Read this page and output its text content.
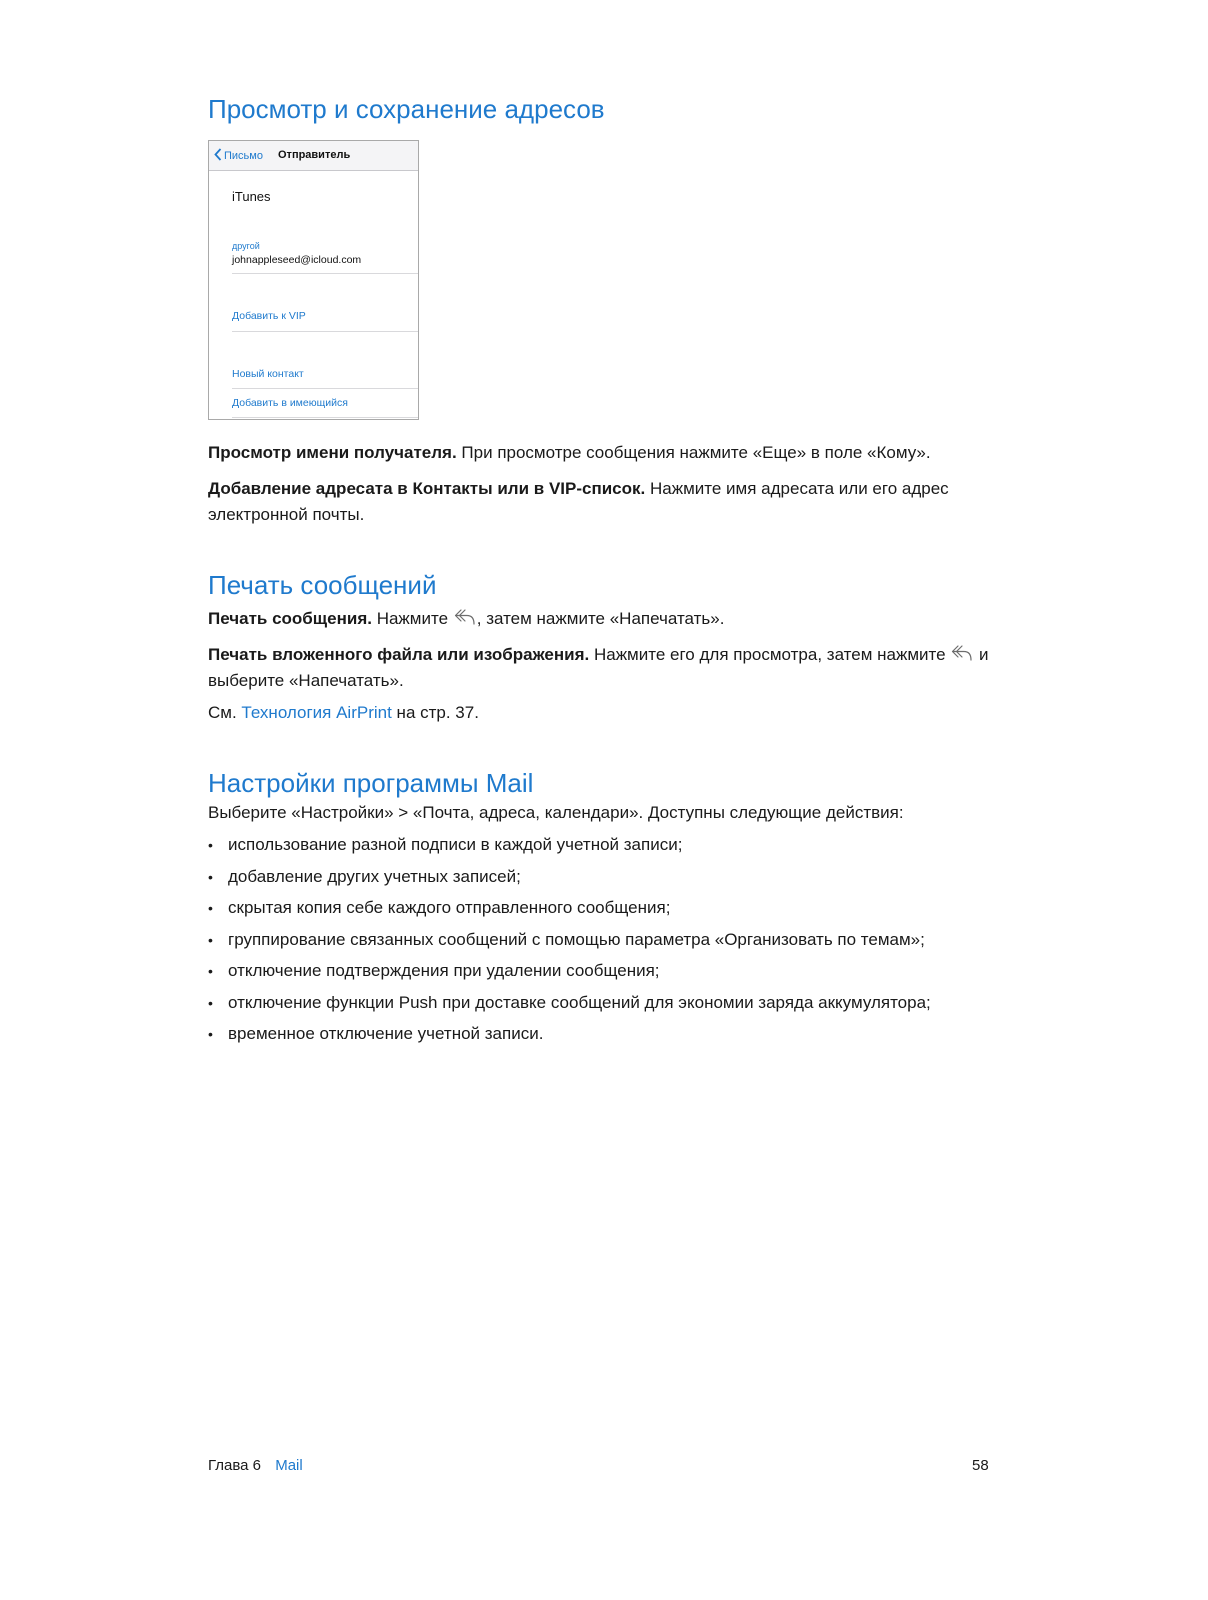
Просмотр и сохранение адресов
Письмо Отправитель
iTunes
другой
johnappleseed@icloud.com
Добавить к VIP
Новый контакт
Добавить в имеющийся

Просмотр имени получателя. При просмотре сообщения нажмите «Еще» в поле «Кому».

Добавление адресата в Контакты или в VIP-список. Нажмите имя адресата или его адрес электронной почты.

Печать сообщений

Печать сообщения. Нажмите
, затем нажмите «Напечатать».

Печать вложенного файла или изображения. Нажмите его для просмотра, затем нажмите
и выберите «Напечатать».

См. Технология AirPrint на стр. 37.

Настройки программы Mail

Выберите «Настройки» > «Почта, адреса, календари». Доступны следующие действия:

• использование разной подписи в каждой учетной записи;
• добавление других учетных записей;
• скрытая копия себе каждого отправленного сообщения;
• группирование связанных сообщений с помощью параметра «Организовать по темам»;
• отключение подтверждения при удалении сообщения;
• отключение функции Push при доставке сообщений для экономии заряда аккумулятора;
• временное отключение учетной записи.
Глава 6 Mail	58
